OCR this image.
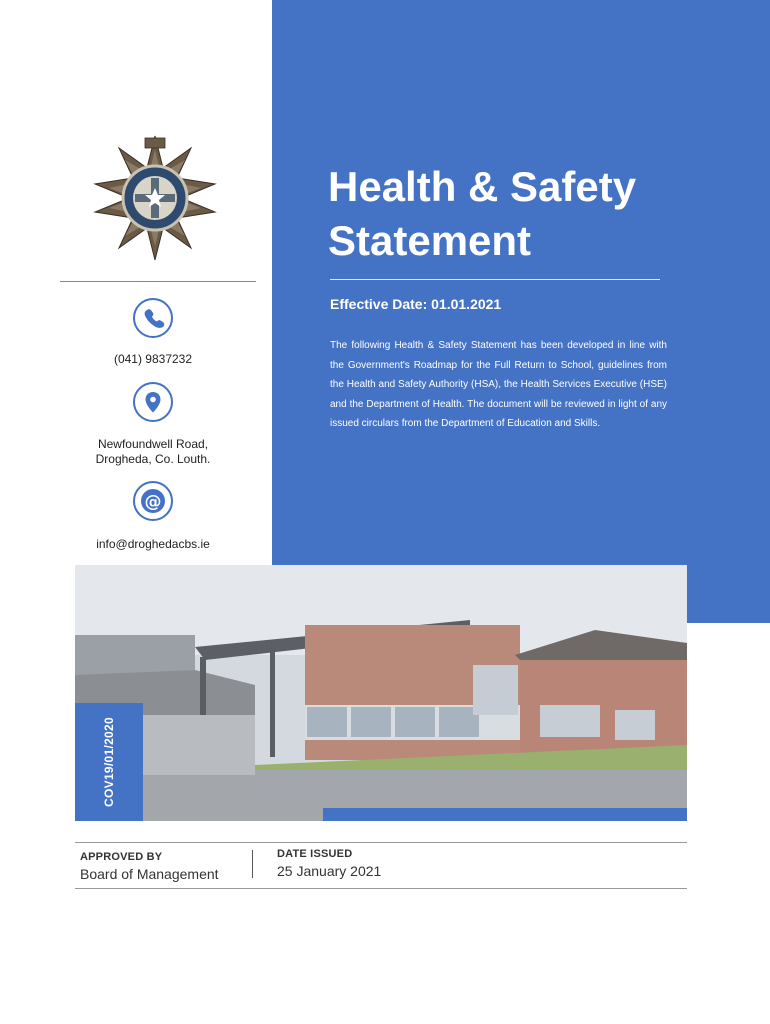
Health & Safety
Statement
Effective Date: 01.01.2021
The following Health & Safety Statement has been developed in line with the Government's Roadmap for the Full Return to School, guidelines from the Health and Safety Authority (HSA), the Health Services Executive (HSE) and the Department of Health. The document will be reviewed in light of any issued circulars from the Department of Education and Skills.
(041) 9837232
Newfoundwell Road,
Drogheda, Co. Louth.
@
info@droghedacbs.ie
COV19/01/2020
APPROVED BY
Board of Management
DATE ISSUED
25 January 2021
